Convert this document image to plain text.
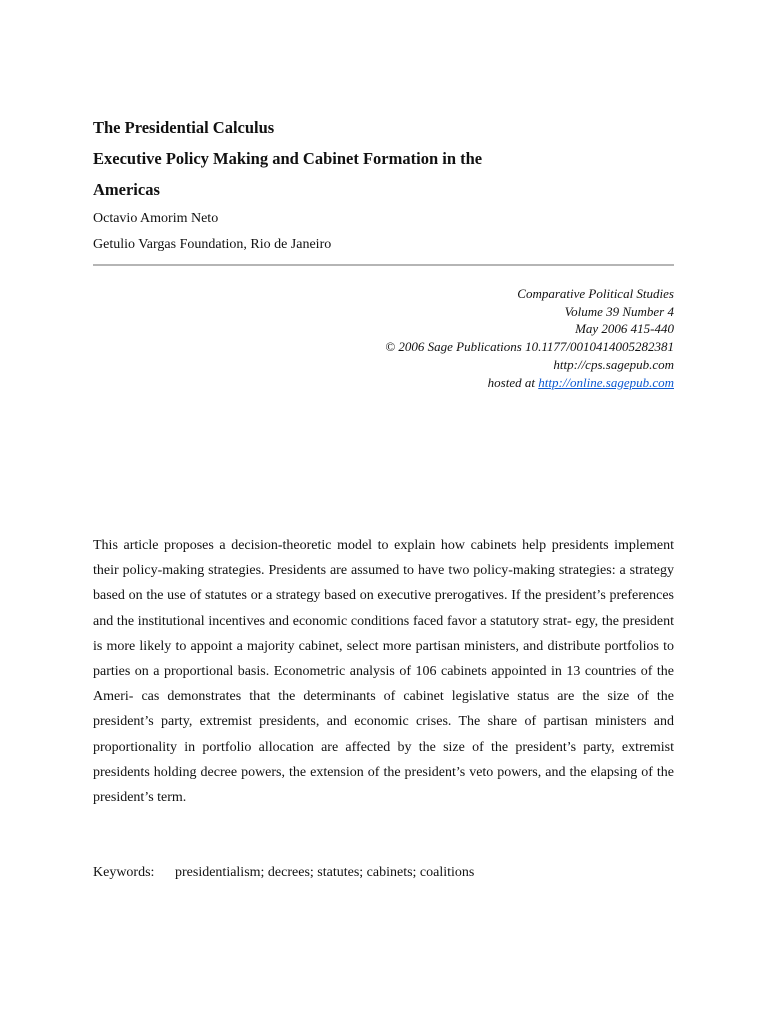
The Presidential Calculus
Executive Policy Making and Cabinet Formation in the Americas

Octavio Amorim Neto

Getulio Vargas Foundation, Rio de Janeiro

Comparative Political Studies
Volume 39 Number 4
May 2006 415-440
© 2006 Sage Publications 10.1177/0010414005282381
http://cps.sagepub.com
hosted at http://online.sagepub.com

This article proposes a decision-theoretic model to explain how cabinets help presidents implement their policy-making strategies. Presidents are assumed to have two policy-making strategies: a strategy based on the use of statutes or a strategy based on executive prerogatives. If the president’s preferences and the institutional incentives and economic conditions faced favor a statutory strat- egy, the president is more likely to appoint a majority cabinet, select more partisan ministers, and distribute portfolios to parties on a proportional basis. Econometric analysis of 106 cabinets appointed in 13 countries of the Ameri- cas demonstrates that the determinants of cabinet legislative status are the size of the president’s party, extremist presidents, and economic crises. The share of partisan ministers and proportionality in portfolio allocation are affected by the size of the president’s party, extremist presidents holding decree powers, the extension of the president’s veto powers, and the elapsing of the president’s term.

Keywords: presidentialism; decrees; statutes; cabinets; coalitions
